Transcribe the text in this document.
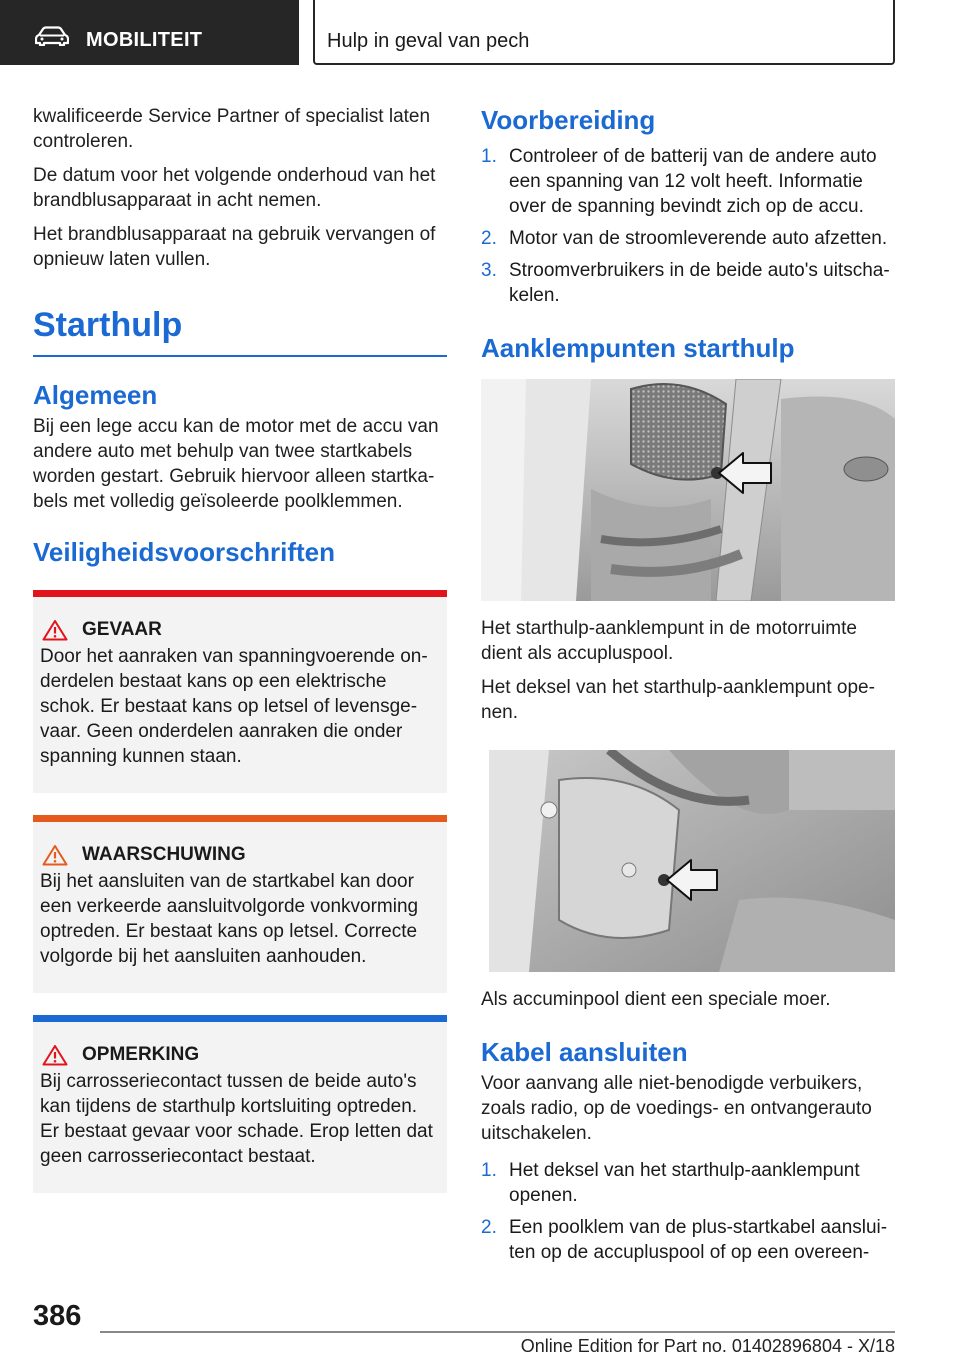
MOBILITEIT	Hulp in geval van pech

kwalificeerde Service Partner of specialist laten controleren.

De datum voor het volgende onderhoud van het brandblusapparaat in acht nemen.

Het brandblusapparaat na gebruik vervangen of opnieuw laten vullen.

Starthulp
Algemeen

Bij een lege accu kan de motor met de accu van andere auto met behulp van twee startkabels worden gestart. Gebruik hiervoor alleen startkabels met volledig geïsoleerde poolklemmen.

Veiligheidsvoorschriften
GEVAAR

Door het aanraken van spanningvoerende onderdelen bestaat kans op een elektrische schok. Er bestaat kans op letsel of levensgevaar. Geen onderdelen aanraken die onder spanning kunnen staan.

WAARSCHUWING

Bij het aansluiten van de startkabel kan door een verkeerde aansluitvolgorde vonkvorming optreden. Er bestaat kans op letsel. Correcte volgorde bij het aansluiten aanhouden.

OPMERKING

Bij carrosseriecontact tussen de beide auto's kan tijdens de starthulp kortsluiting optreden. Er bestaat gevaar voor schade. Erop letten dat geen carrosseriecontact bestaat.

Voorbereiding
1. Controleer of de batterij van de andere auto een spanning van 12 volt heeft. Informatie over de spanning bevindt zich op de accu.
2. Motor van de stroomleverende auto afzetten.
3. Stroomverbruikers in de beide auto's uitschakelen.
Aanklempunten starthulp

Het starthulp-aanklempunt in de motorruimte dient als accupluspool.

Het deksel van het starthulp-aanklempunt openen.

Als accuminpool dient een speciale moer.

Kabel aansluiten

Voor aanvang alle niet-benodigde verbuikers, zoals radio, op de voedings- en ontvangerauto uitschakelen.

1. Het deksel van het starthulp-aanklempunt openen.
2. Een poolklem van de plus-startkabel aansluiten op de accupluspool of op een overeen-
386
Online Edition for Part no. 01402896804 - X/18
